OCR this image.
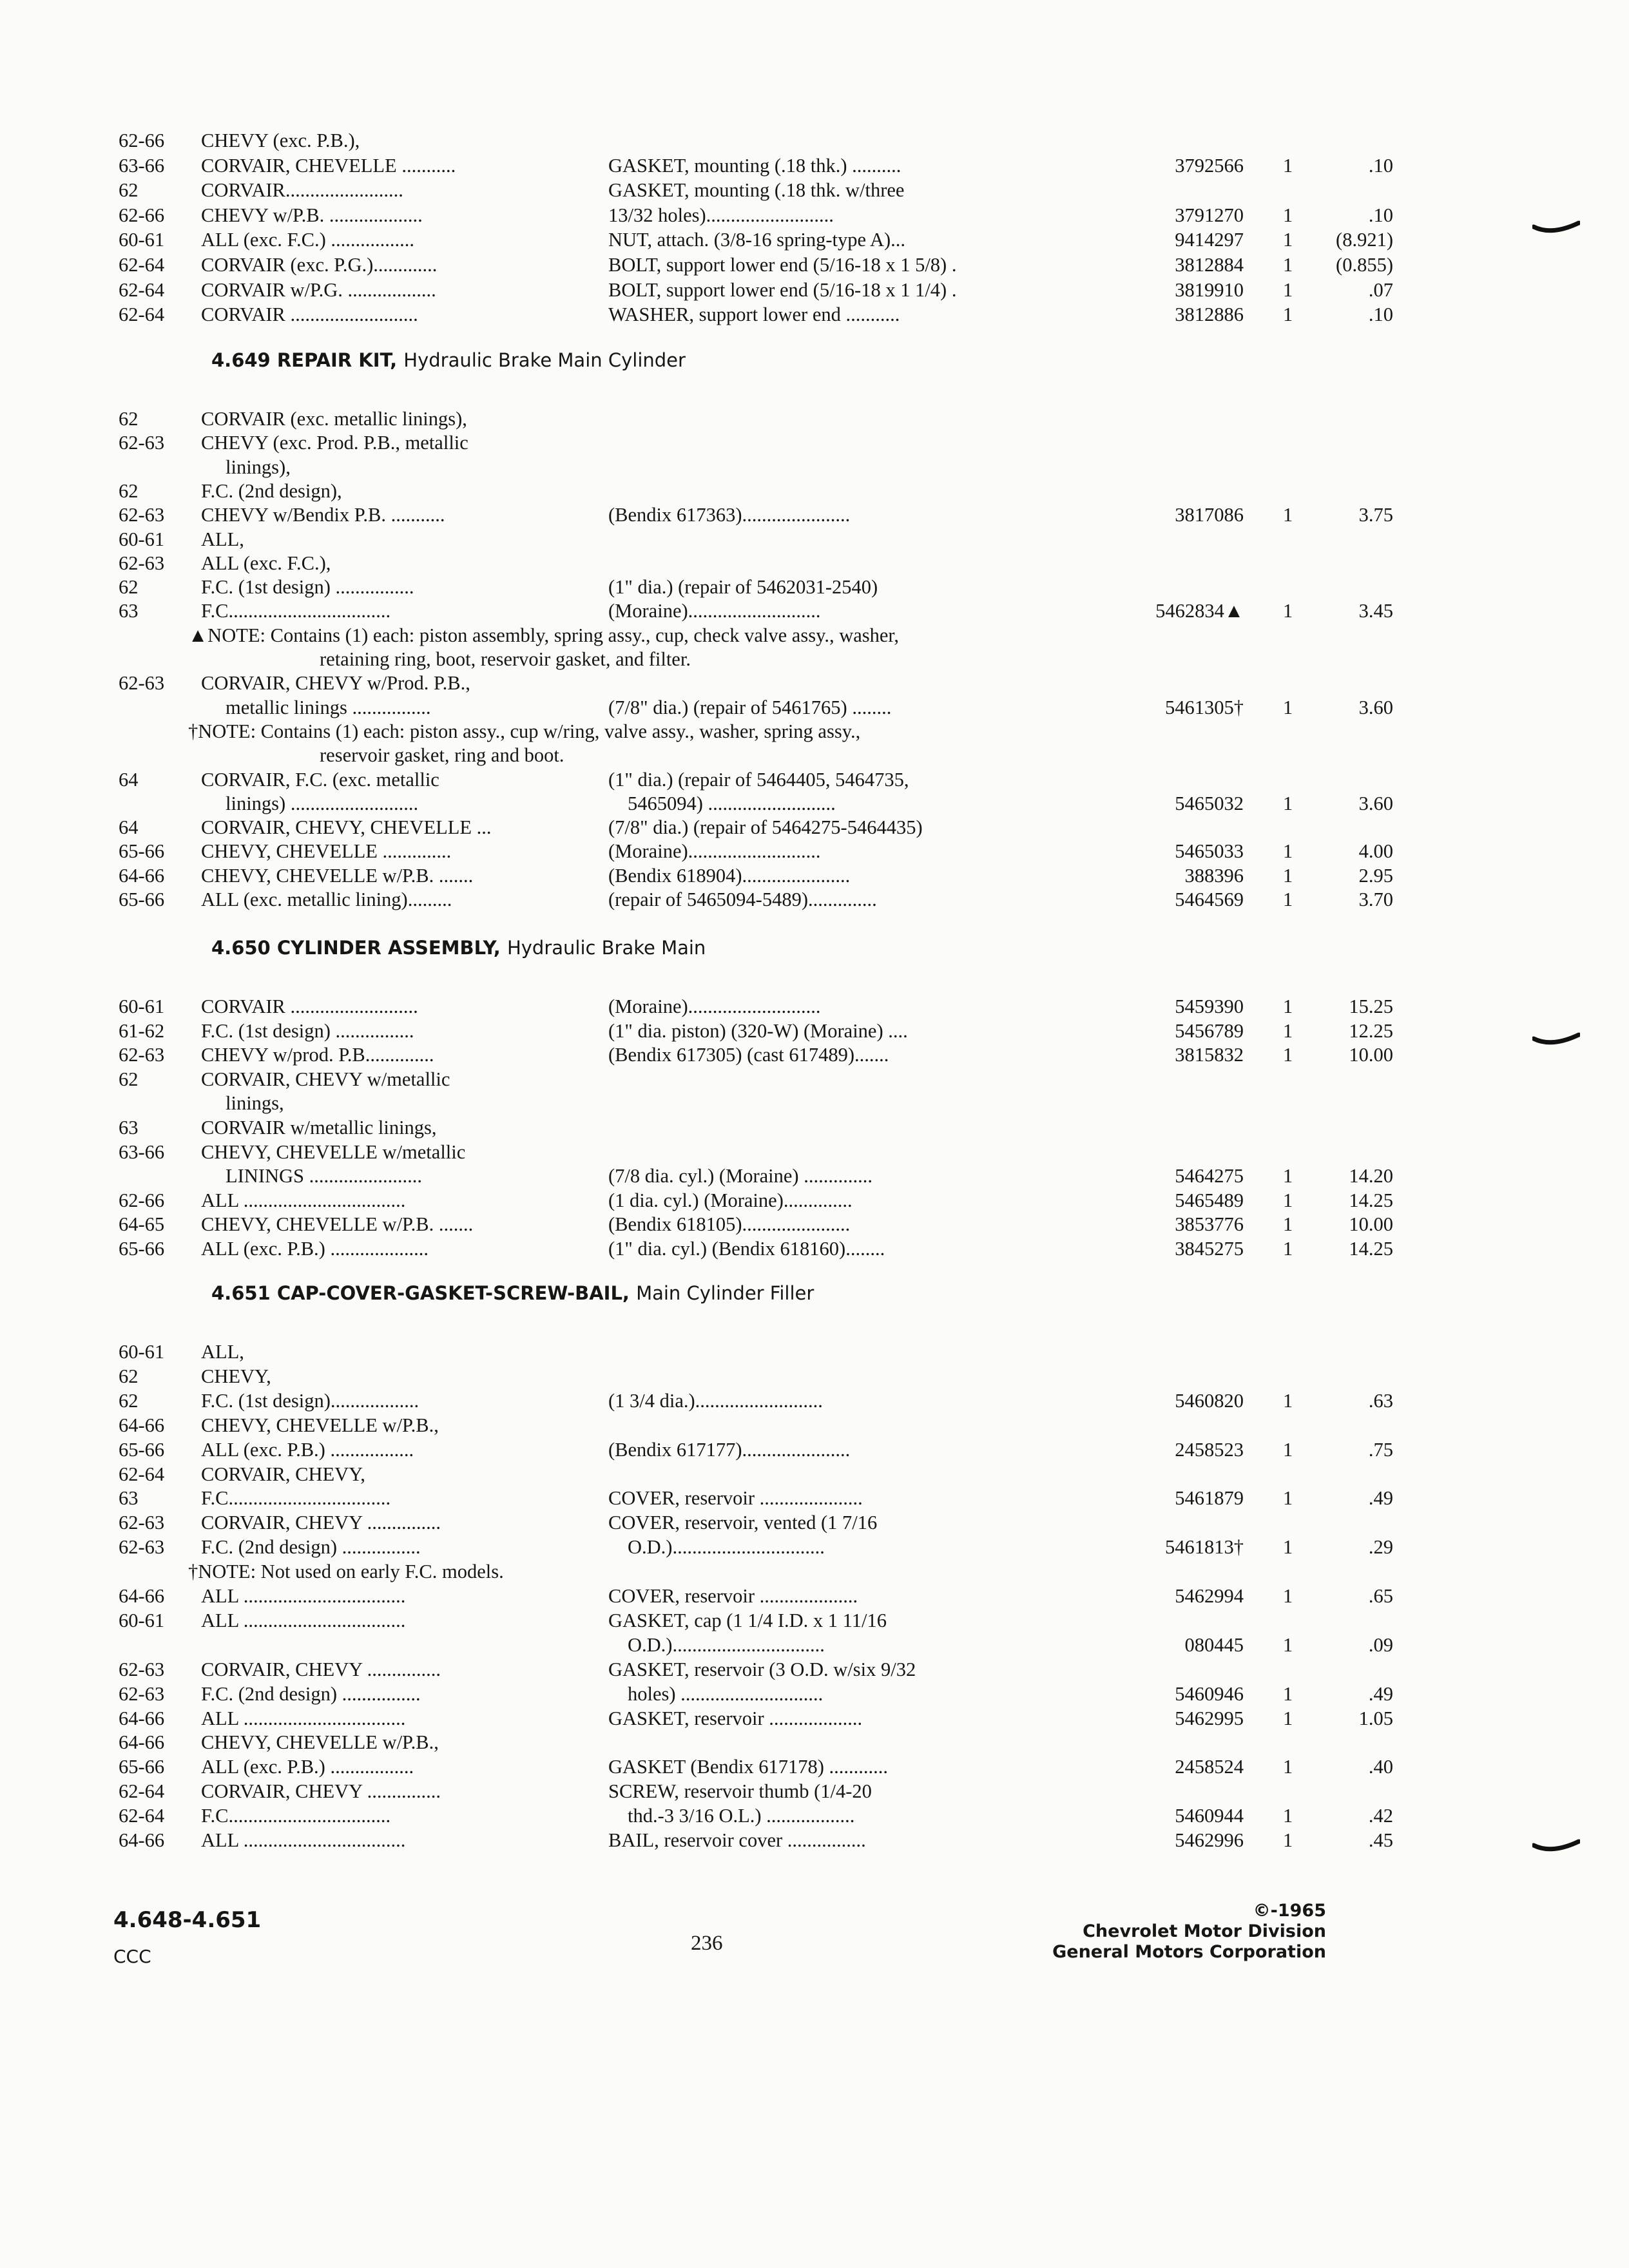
62-66 CHEVY (exc. P.B.),
63-66 CORVAIR, CHEVELLE ...........	GASKET, mounting (.18 thk.) ..........	3792566 1	.10
62	CORVAIR........................	GASKET, mounting (.18 thk. w/three
62-66 CHEVY w/P.B. ...................	13/32 holes)..........................	3791270 1	.10
60-61 ALL (exc. F.C.) .................	NUT, attach. (3/8-16 spring-type A)...	9414297 1	(8.921)
62-64 CORVAIR (exc. P.G.).............	BOLT, support lower end (5/16-18 x 1 5/8) .	3812884 1	(0.855)
62-64 CORVAIR w/P.G. ..................	BOLT, support lower end (5/16-18 x 1 1/4) .	3819910 1	.07
62-64 CORVAIR ..........................	WASHER, support lower end ...........	3812886 1	.10
4.649 REPAIR KIT, Hydraulic Brake Main Cylinder
62	CORVAIR (exc. metallic linings),
62-63 CHEVY (exc. Prod. P.B., metallic
linings),
62	F.C. (2nd design),
62-63 CHEVY w/Bendix P.B. ...........	(Bendix 617363)......................	3817086 1	3.75
60-61 ALL,
62-63 ALL (exc. F.C.),
62	F.C. (1st design) ................	(1" dia.) (repair of 5462031-2540)
63	F.C.................................	(Moraine)...........................	5462834▲ 1	3.45
▲NOTE: Contains (1) each: piston assembly, spring assy., cup, check valve assy., washer,
retaining ring, boot, reservoir gasket, and filter.
62-63 CORVAIR, CHEVY w/Prod. P.B.,
metallic linings ................	(7/8" dia.) (repair of 5461765) ........	5461305† 1	3.60
†NOTE: Contains (1) each: piston assy., cup w/ring, valve assy., washer, spring assy.,
reservoir gasket, ring and boot.
64	CORVAIR, F.C. (exc. metallic	(1" dia.) (repair of 5464405, 5464735,
linings) ..........................	5465094) ..........................	5465032 1	3.60
64	CORVAIR, CHEVY, CHEVELLE ...	(7/8" dia.) (repair of 5464275-5464435)
65-66 CHEVY, CHEVELLE ..............	(Moraine)...........................	5465033 1	4.00
64-66 CHEVY, CHEVELLE w/P.B. .......	(Bendix 618904)......................	388396 1	2.95
65-66 ALL (exc. metallic lining).........	(repair of 5465094-5489)..............	5464569 1	3.70
4.650 CYLINDER ASSEMBLY, Hydraulic Brake Main
60-61 CORVAIR ..........................	(Moraine)...........................	5459390 1	15.25
61-62 F.C. (1st design) ................	(1" dia. piston) (320-W) (Moraine) ....	5456789 1	12.25
62-63 CHEVY w/prod. P.B..............	(Bendix 617305) (cast 617489).......	3815832 1	10.00
62	CORVAIR, CHEVY w/metallic
linings,
63	CORVAIR w/metallic linings,
63-66 CHEVY, CHEVELLE w/metallic
LININGS .......................	(7/8 dia. cyl.) (Moraine) ..............	5464275 1	14.20
62-66 ALL .................................	(1 dia. cyl.) (Moraine)..............	5465489 1	14.25
64-65 CHEVY, CHEVELLE w/P.B. .......	(Bendix 618105)......................	3853776 1	10.00
65-66 ALL (exc. P.B.) ....................	(1" dia. cyl.) (Bendix 618160)........	3845275 1	14.25
4.651 CAP-COVER-GASKET-SCREW-BAIL, Main Cylinder Filler
60-61 ALL,
62	CHEVY,
62	F.C. (1st design)..................	(1 3/4 dia.)..........................	5460820 1	.63
64-66 CHEVY, CHEVELLE w/P.B.,
65-66 ALL (exc. P.B.) .................	(Bendix 617177)......................	2458523 1	.75
62-64 CORVAIR, CHEVY,
63	F.C.................................	COVER, reservoir .....................	5461879 1	.49
62-63 CORVAIR, CHEVY ...............	COVER, reservoir, vented (1 7/16
62-63 F.C. (2nd design) ................	O.D.)...............................	5461813† 1	.29
†NOTE: Not used on early F.C. models.
64-66 ALL .................................	COVER, reservoir ....................	5462994 1	.65
60-61 ALL .................................	GASKET, cap (1 1/4 I.D. x 1 11/16
O.D.)...............................	080445 1	.09
62-63 CORVAIR, CHEVY ...............	GASKET, reservoir (3 O.D. w/six 9/32
62-63 F.C. (2nd design) ................	holes) .............................	5460946 1	.49
64-66 ALL .................................	GASKET, reservoir ...................	5462995 1	1.05
64-66 CHEVY, CHEVELLE w/P.B.,
65-66 ALL (exc. P.B.) .................	GASKET (Bendix 617178) ............	2458524 1	.40
62-64 CORVAIR, CHEVY ...............	SCREW, reservoir thumb (1/4-20
62-64 F.C.................................	thd.-3 3/16 O.L.) ..................	5460944 1	.42
64-66 ALL .................................	BAIL, reservoir cover ................	5462996 1	.45
4.648-4.651
CCC
236
©-1965
Chevrolet Motor Division
General Motors Corporation
